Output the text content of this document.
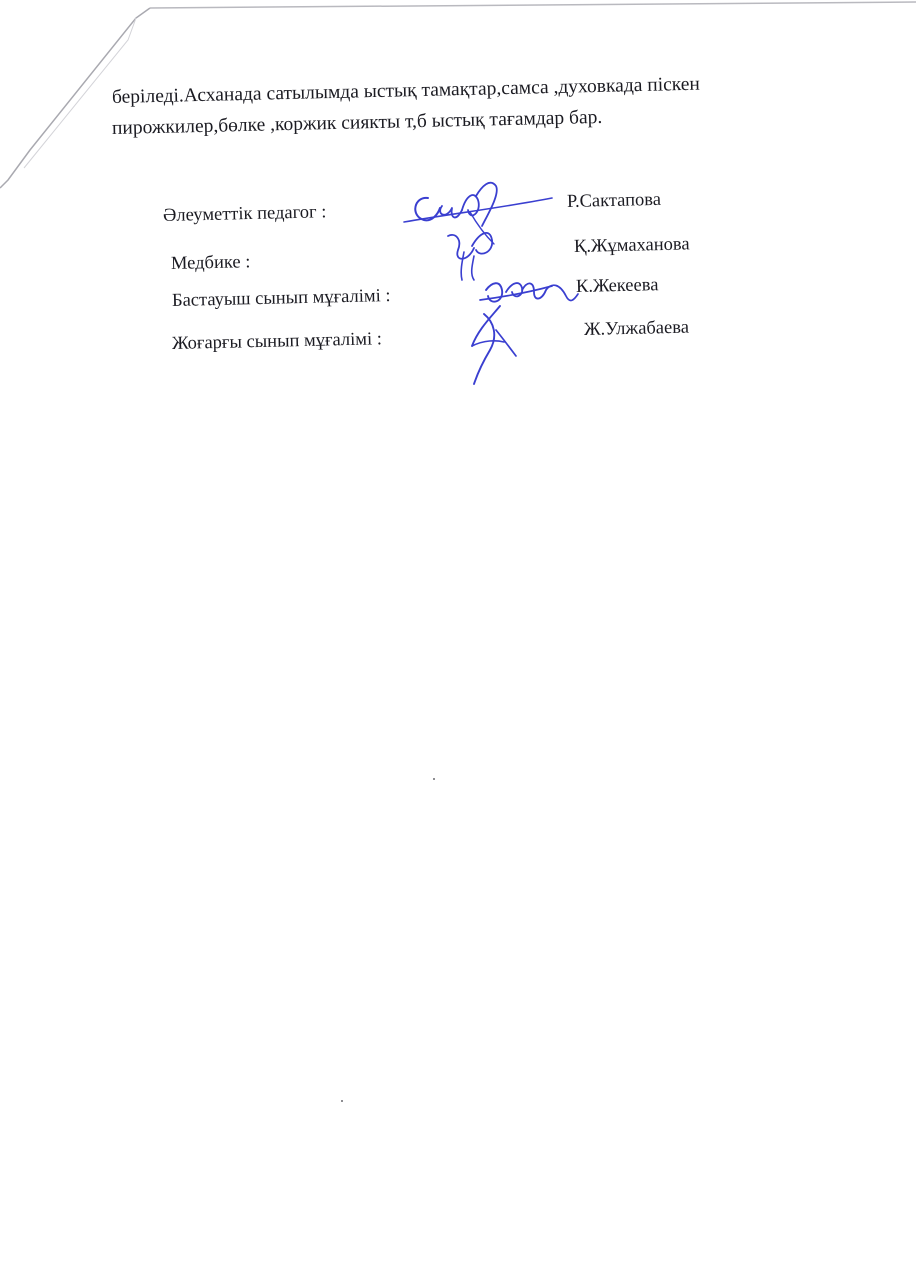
беріледі.Асханада сатылымда ыстық тамақтар,самса ,духовкада піскен
пирожкилер,бөлке ,коржик сиякты т,б ыстық тағамдар бар.
Әлеуметтік педагог :
Медбике :
Бастауыш сынып мұғалімі :
Жоғарғы сынып мұғалімі :
Р.Сактапова
Қ.Жұмаханова
К.Жекеева
Ж.Улжабаева
